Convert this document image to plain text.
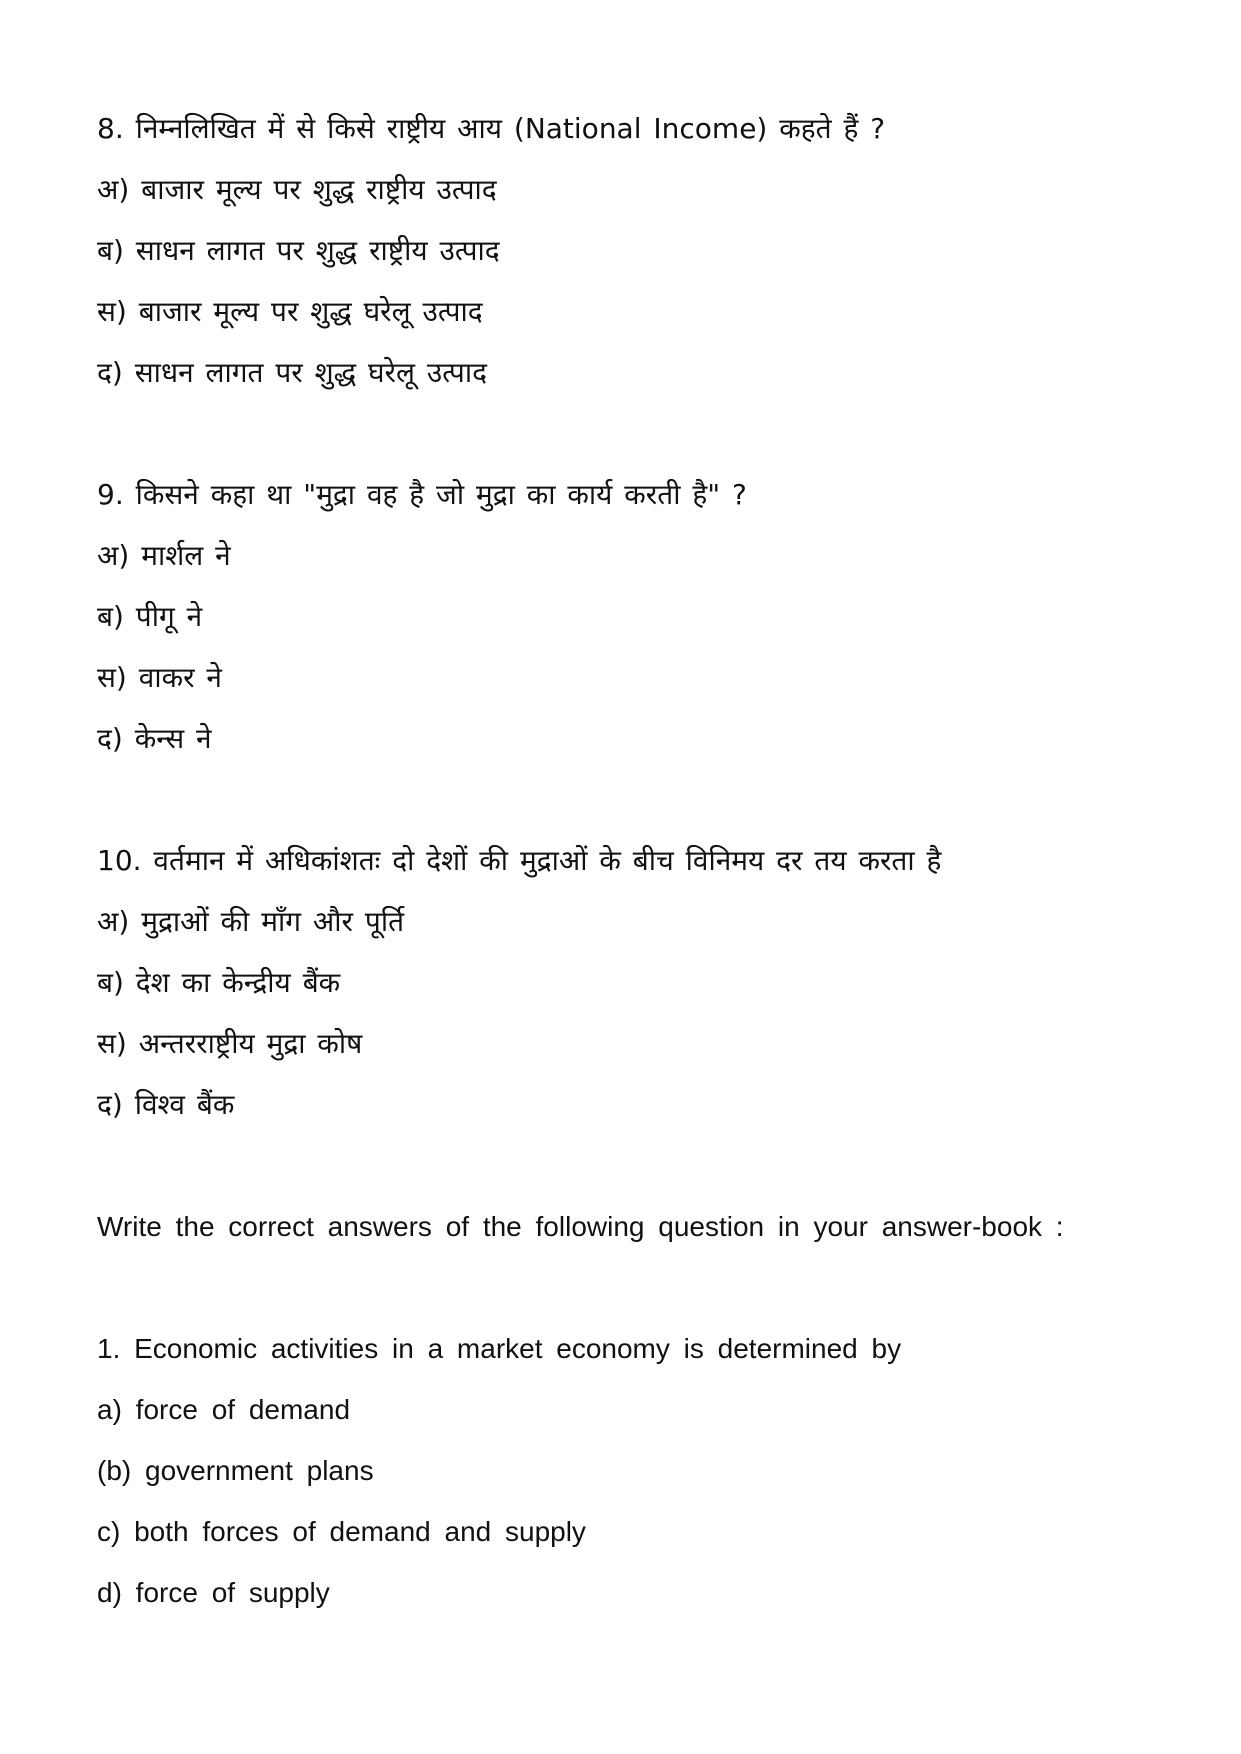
8. निम्नलिखित में से किसे राष्ट्रीय आय (National Income) कहते हैं ?
अ) बाजार मूल्य पर शुद्ध राष्ट्रीय उत्पाद
ब) साधन लागत पर शुद्ध राष्ट्रीय उत्पाद
स) बाजार मूल्य पर शुद्ध घरेलू उत्पाद
द) साधन लागत पर शुद्ध घरेलू उत्पाद
9. किसने कहा था "मुद्रा वह है जो मुद्रा का कार्य करती है" ?
अ) मार्शल ने
ब) पीगू ने
स) वाकर ने
द) केन्स ने
10. वर्तमान में अधिकांशतः दो देशों की मुद्राओं के बीच विनिमय दर तय करता है
अ) मुद्राओं की माँग और पूर्ति
ब) देश का केन्द्रीय बैंक
स) अन्तरराष्ट्रीय मुद्रा कोष
द) विश्व बैंक
Write the correct answers of the following question in your answer-book :
1. Economic activities in a market economy is determined by
a) force of demand
(b) government plans
c) both forces of demand and supply
d) force of supply
